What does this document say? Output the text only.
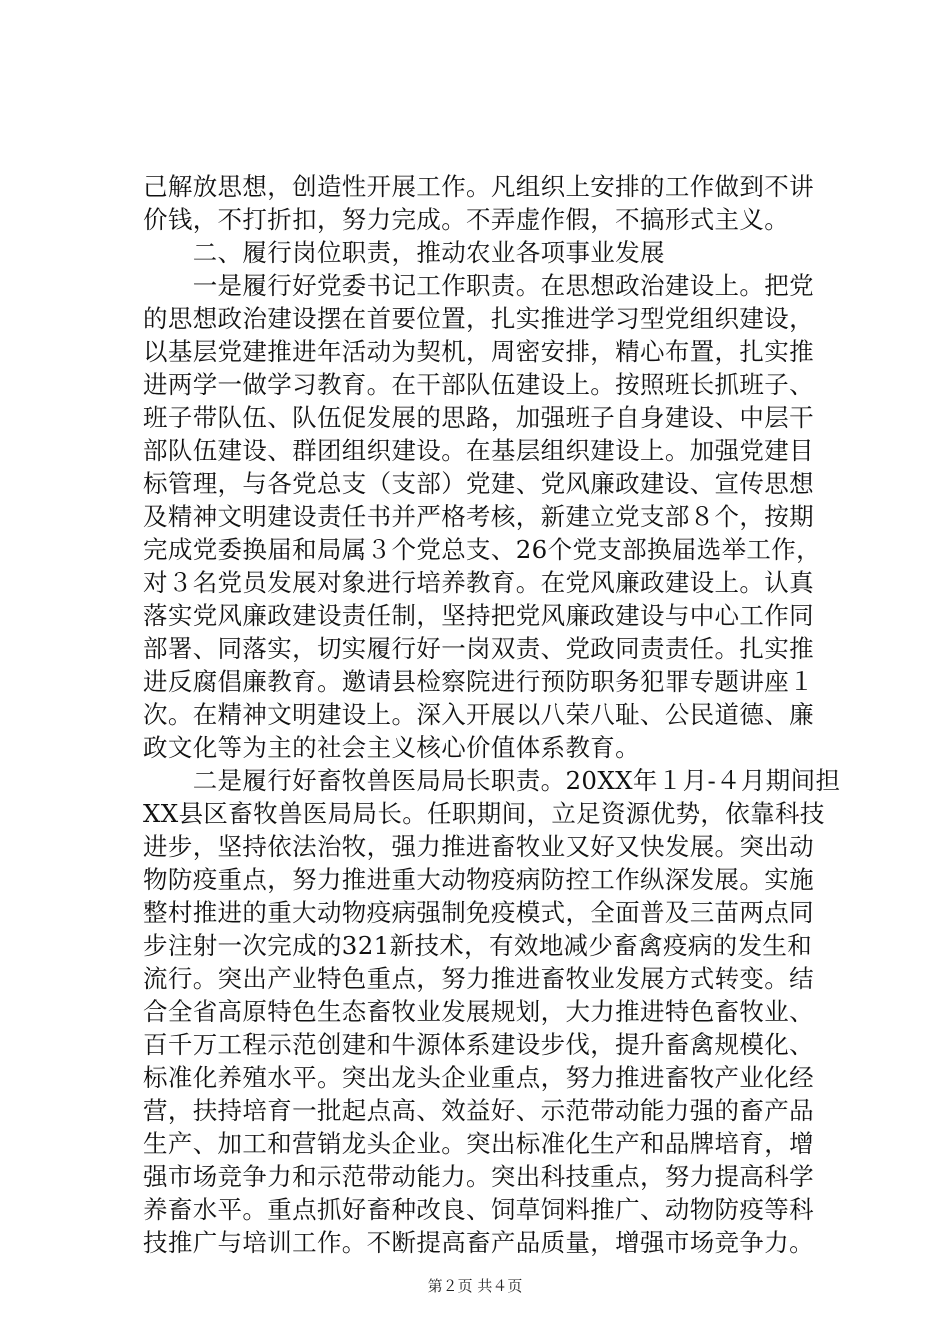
己解放思想，创造性开展工作。凡组织上安排的工作做到不讲
价钱，不打折扣，努力完成。不弄虚作假，不搞形式主义。
　　二、履行岗位职责，推动农业各项事业发展
　　一是履行好党委书记工作职责。在思想政治建设上。把党
的思想政治建设摆在首要位置，扎实推进学习型党组织建设，
以基层党建推进年活动为契机，周密安排，精心布置，扎实推
进两学一做学习教育。在干部队伍建设上。按照班长抓班子、
班子带队伍、队伍促发展的思路，加强班子自身建设、中层干
部队伍建设、群团组织建设。在基层组织建设上。加强党建目
标管理，与各党总支（支部）党建、党风廉政建设、宣传思想
及精神文明建设责任书并严格考核，新建立党支部８个，按期
完成党委换届和局属３个党总支、26个党支部换届选举工作，
对３名党员发展对象进行培养教育。在党风廉政建设上。认真
落实党风廉政建设责任制，坚持把党风廉政建设与中心工作同
部署、同落实，切实履行好一岗双责、党政同责责任。扎实推
进反腐倡廉教育。邀请县检察院进行预防职务犯罪专题讲座１
次。在精神文明建设上。深入开展以八荣八耻、公民道德、廉
政文化等为主的社会主义核心价值体系教育。
　　二是履行好畜牧兽医局局长职责。20XX年１月-４月期间担
XX县区畜牧兽医局局长。任职期间，立足资源优势，依靠科技
进步，坚持依法治牧，强力推进畜牧业又好又快发展。突出动
物防疫重点，努力推进重大动物疫病防控工作纵深发展。实施
整村推进的重大动物疫病强制免疫模式，全面普及三苗两点同
步注射一次完成的321新技术，有效地减少畜禽疫病的发生和
流行。突出产业特色重点，努力推进畜牧业发展方式转变。结
合全省高原特色生态畜牧业发展规划，大力推进特色畜牧业、
百千万工程示范创建和牛源体系建设步伐，提升畜禽规模化、
标准化养殖水平。突出龙头企业重点，努力推进畜牧产业化经
营，扶持培育一批起点高、效益好、示范带动能力强的畜产品
生产、加工和营销龙头企业。突出标准化生产和品牌培育，增
强市场竞争力和示范带动能力。突出科技重点，努力提高科学
养畜水平。重点抓好畜种改良、饲草饲料推广、动物防疫等科
技推广与培训工作。不断提高畜产品质量，增强市场竞争力。
第２页 共４页
